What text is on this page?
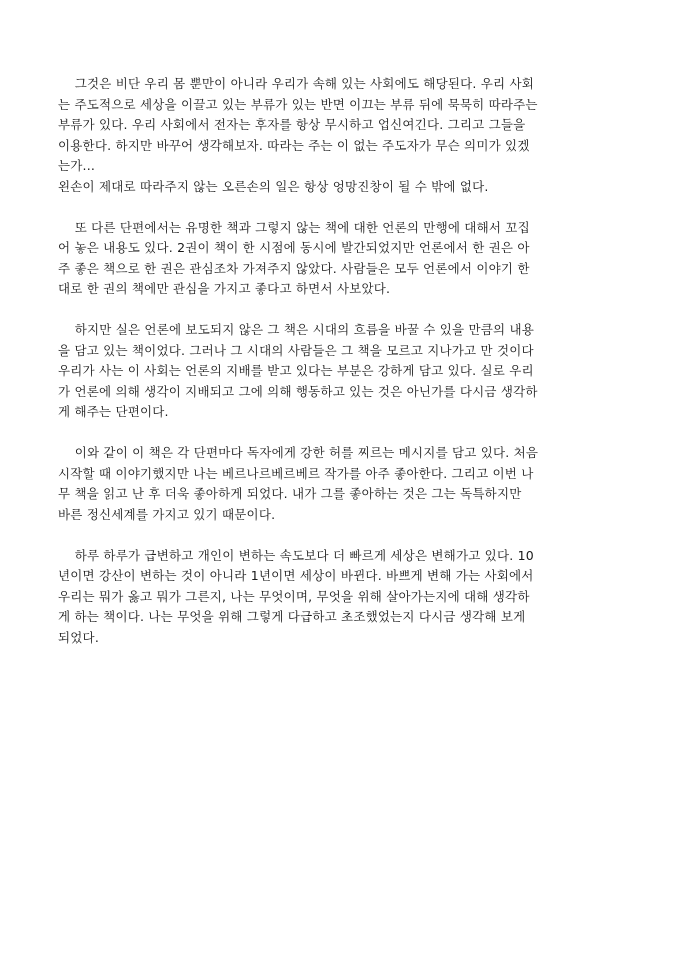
그것은 비단 우리 몸 뿐만이 아니라 우리가 속해 있는 사회에도 해당된다. 우리 사회
는 주도적으로 세상을 이끌고 있는 부류가 있는 반면 이끄는 부류 뒤에 묵묵히 따라주는
부류가 있다. 우리 사회에서 전자는 후자를 항상 무시하고 업신여긴다. 그리고 그들을
이용한다. 하지만 바꾸어 생각해보자. 따라는 주는 이 없는 주도자가 무슨 의미가 있겠
는가...
왼손이 제대로 따라주지 않는 오른손의 일은 항상 엉망진창이 될 수 밖에 없다.
또 다른 단편에서는 유명한 책과 그렇지 않는 책에 대한 언론의 만행에 대해서 꼬집
어 놓은 내용도 있다. 2권이 책이 한 시점에 동시에 발간되었지만 언론에서 한 권은 아
주 좋은 책으로 한 권은 관심조차 가져주지 않았다. 사람들은 모두 언론에서 이야기 한
대로 한 권의 책에만 관심을 가지고 좋다고 하면서 사보았다.
하지만 실은 언론에 보도되지 않은 그 책은 시대의 흐름을 바꿀 수 있을 만큼의 내용
을 담고 있는 책이었다. 그러나 그 시대의 사람들은 그 책을 모르고 지나가고 만 것이다
우리가 사는 이 사회는 언론의 지배를 받고 있다는 부분은 강하게 담고 있다. 실로 우리
가 언론에 의해 생각이 지배되고 그에 의해 행동하고 있는 것은 아닌가를 다시금 생각하
게 해주는 단편이다.
이와 같이 이 책은 각 단편마다 독자에게 강한 허를 찌르는 메시지를 담고 있다. 처음
시작할 때 이야기했지만 나는 베르나르베르베르 작가를 아주 좋아한다. 그리고 이번 나
무 책을 읽고 난 후 더욱 좋아하게 되었다. 내가 그를 좋아하는 것은 그는 독특하지만
바른 정신세계를 가지고 있기 때문이다.
하루 하루가 급변하고 개인이 변하는 속도보다 더 빠르게 세상은 변해가고 있다. 10
년이면 강산이 변하는 것이 아니라 1년이면 세상이 바뀐다. 바쁘게 변해 가는 사회에서
우리는 뭐가 옳고 뭐가 그른지, 나는 무엇이며, 무엇을 위해 살아가는지에 대해 생각하
게 하는 책이다. 나는 무엇을 위해 그렇게 다급하고 초조했었는지 다시금 생각해 보게
되었다.
